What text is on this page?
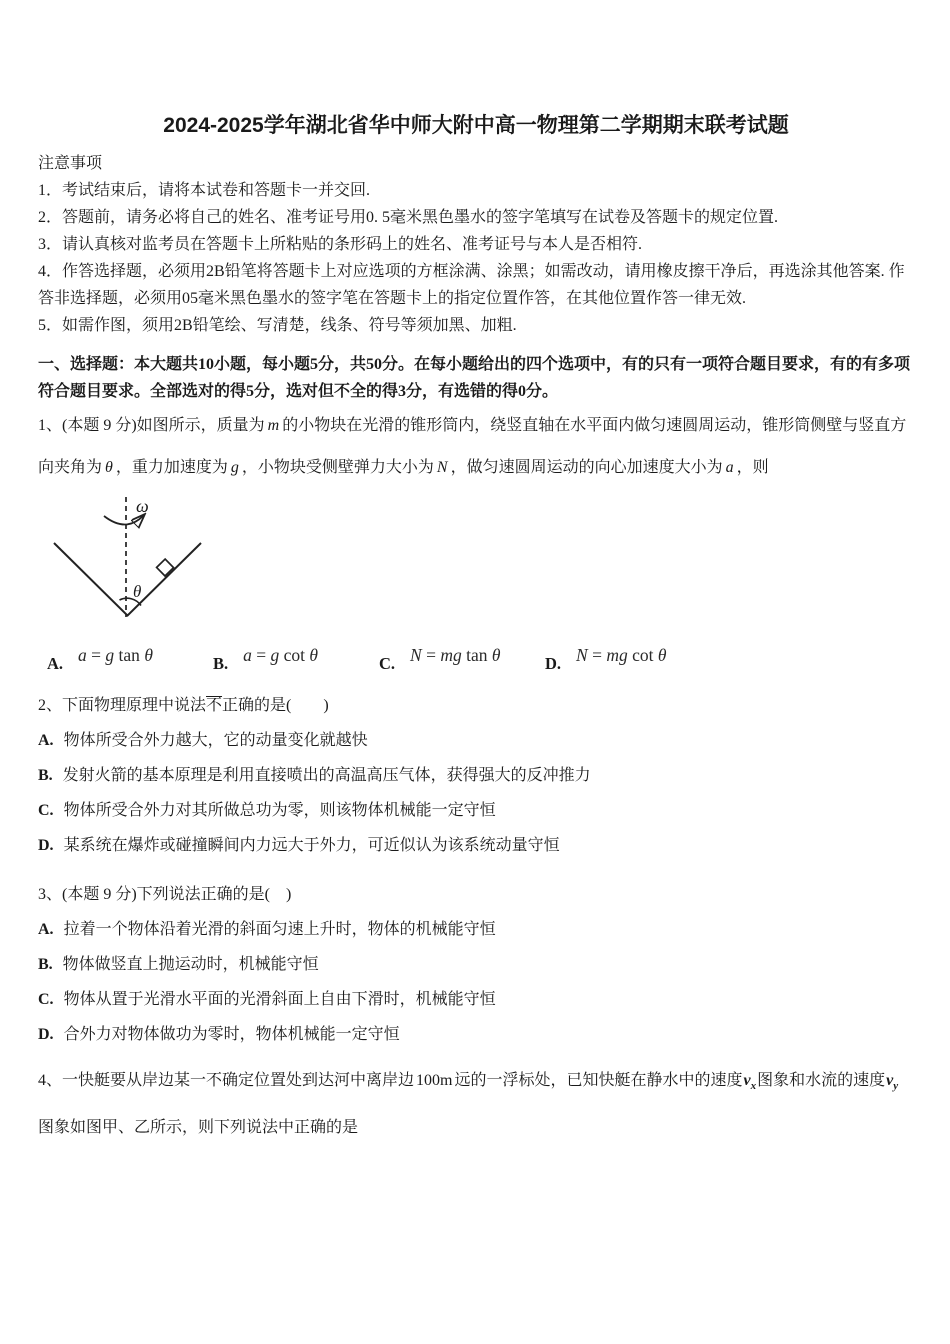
2024-2025学年湖北省华中师大附中高一物理第二学期期末联考试题

注意事项

1．考试结束后，请将本试卷和答题卡一并交回.

2．答题前，请务必将自己的姓名、准考证号用0. 5毫米黑色墨水的签字笔填写在试卷及答题卡的规定位置.

3．请认真核对监考员在答题卡上所粘贴的条形码上的姓名、准考证号与本人是否相符.

4．作答选择题，必须用2B铅笔将答题卡上对应选项的方框涂满、涂黑；如需改动，请用橡皮擦干净后，再选涂其他答案. 作答非选择题，必须用05毫米黑色墨水的签字笔在答题卡上的指定位置作答，在其他位置作答一律无效.

5．如需作图，须用2B铅笔绘、写清楚，线条、符号等须加黑、加粗.

一、选择题：本大题共10小题，每小题5分，共50分。在每小题给出的四个选项中，有的只有一项符合题目要求，有的有多项符合题目要求。全部选对的得5分，选对但不全的得3分，有选错的得0分。

1、(本题 9 分)如图所示，质量为 m 的小物块在光滑的锥形筒内，绕竖直轴在水平面内做匀速圆周运动，锥形筒侧壁与竖直方向夹角为 θ ，重力加速度为 g ，小物块受侧壁弹力大小为 N ，做匀速圆周运动的向心加速度大小为 a ，则

ω
θ
A. a = g tan θ	B. a = g cot θ	C. N = mg tan θ	D. N = mg cot θ

2、下面物理原理中说法不正确的是(　　)

A. 物体所受合外力越大，它的动量变化就越快

B. 发射火箭的基本原理是利用直接喷出的高温高压气体，获得强大的反冲推力

C. 物体所受合外力对其所做总功为零，则该物体机械能一定守恒

D. 某系统在爆炸或碰撞瞬间内力远大于外力，可近似认为该系统动量守恒

3、(本题 9 分)下列说法正确的是(　)

A. 拉着一个物体沿着光滑的斜面匀速上升时，物体的机械能守恒

B. 物体做竖直上抛运动时，机械能守恒

C. 物体从置于光滑水平面的光滑斜面上自由下滑时，机械能守恒

D. 合外力对物体做功为零时，物体机械能一定守恒

4、一快艇要从岸边某一不确定位置处到达河中离岸边 100m 远的一浮标处，已知快艇在静水中的速度$v_x$图象和水流的速度$v_y$图象如图甲、乙所示，则下列说法中正确的是
